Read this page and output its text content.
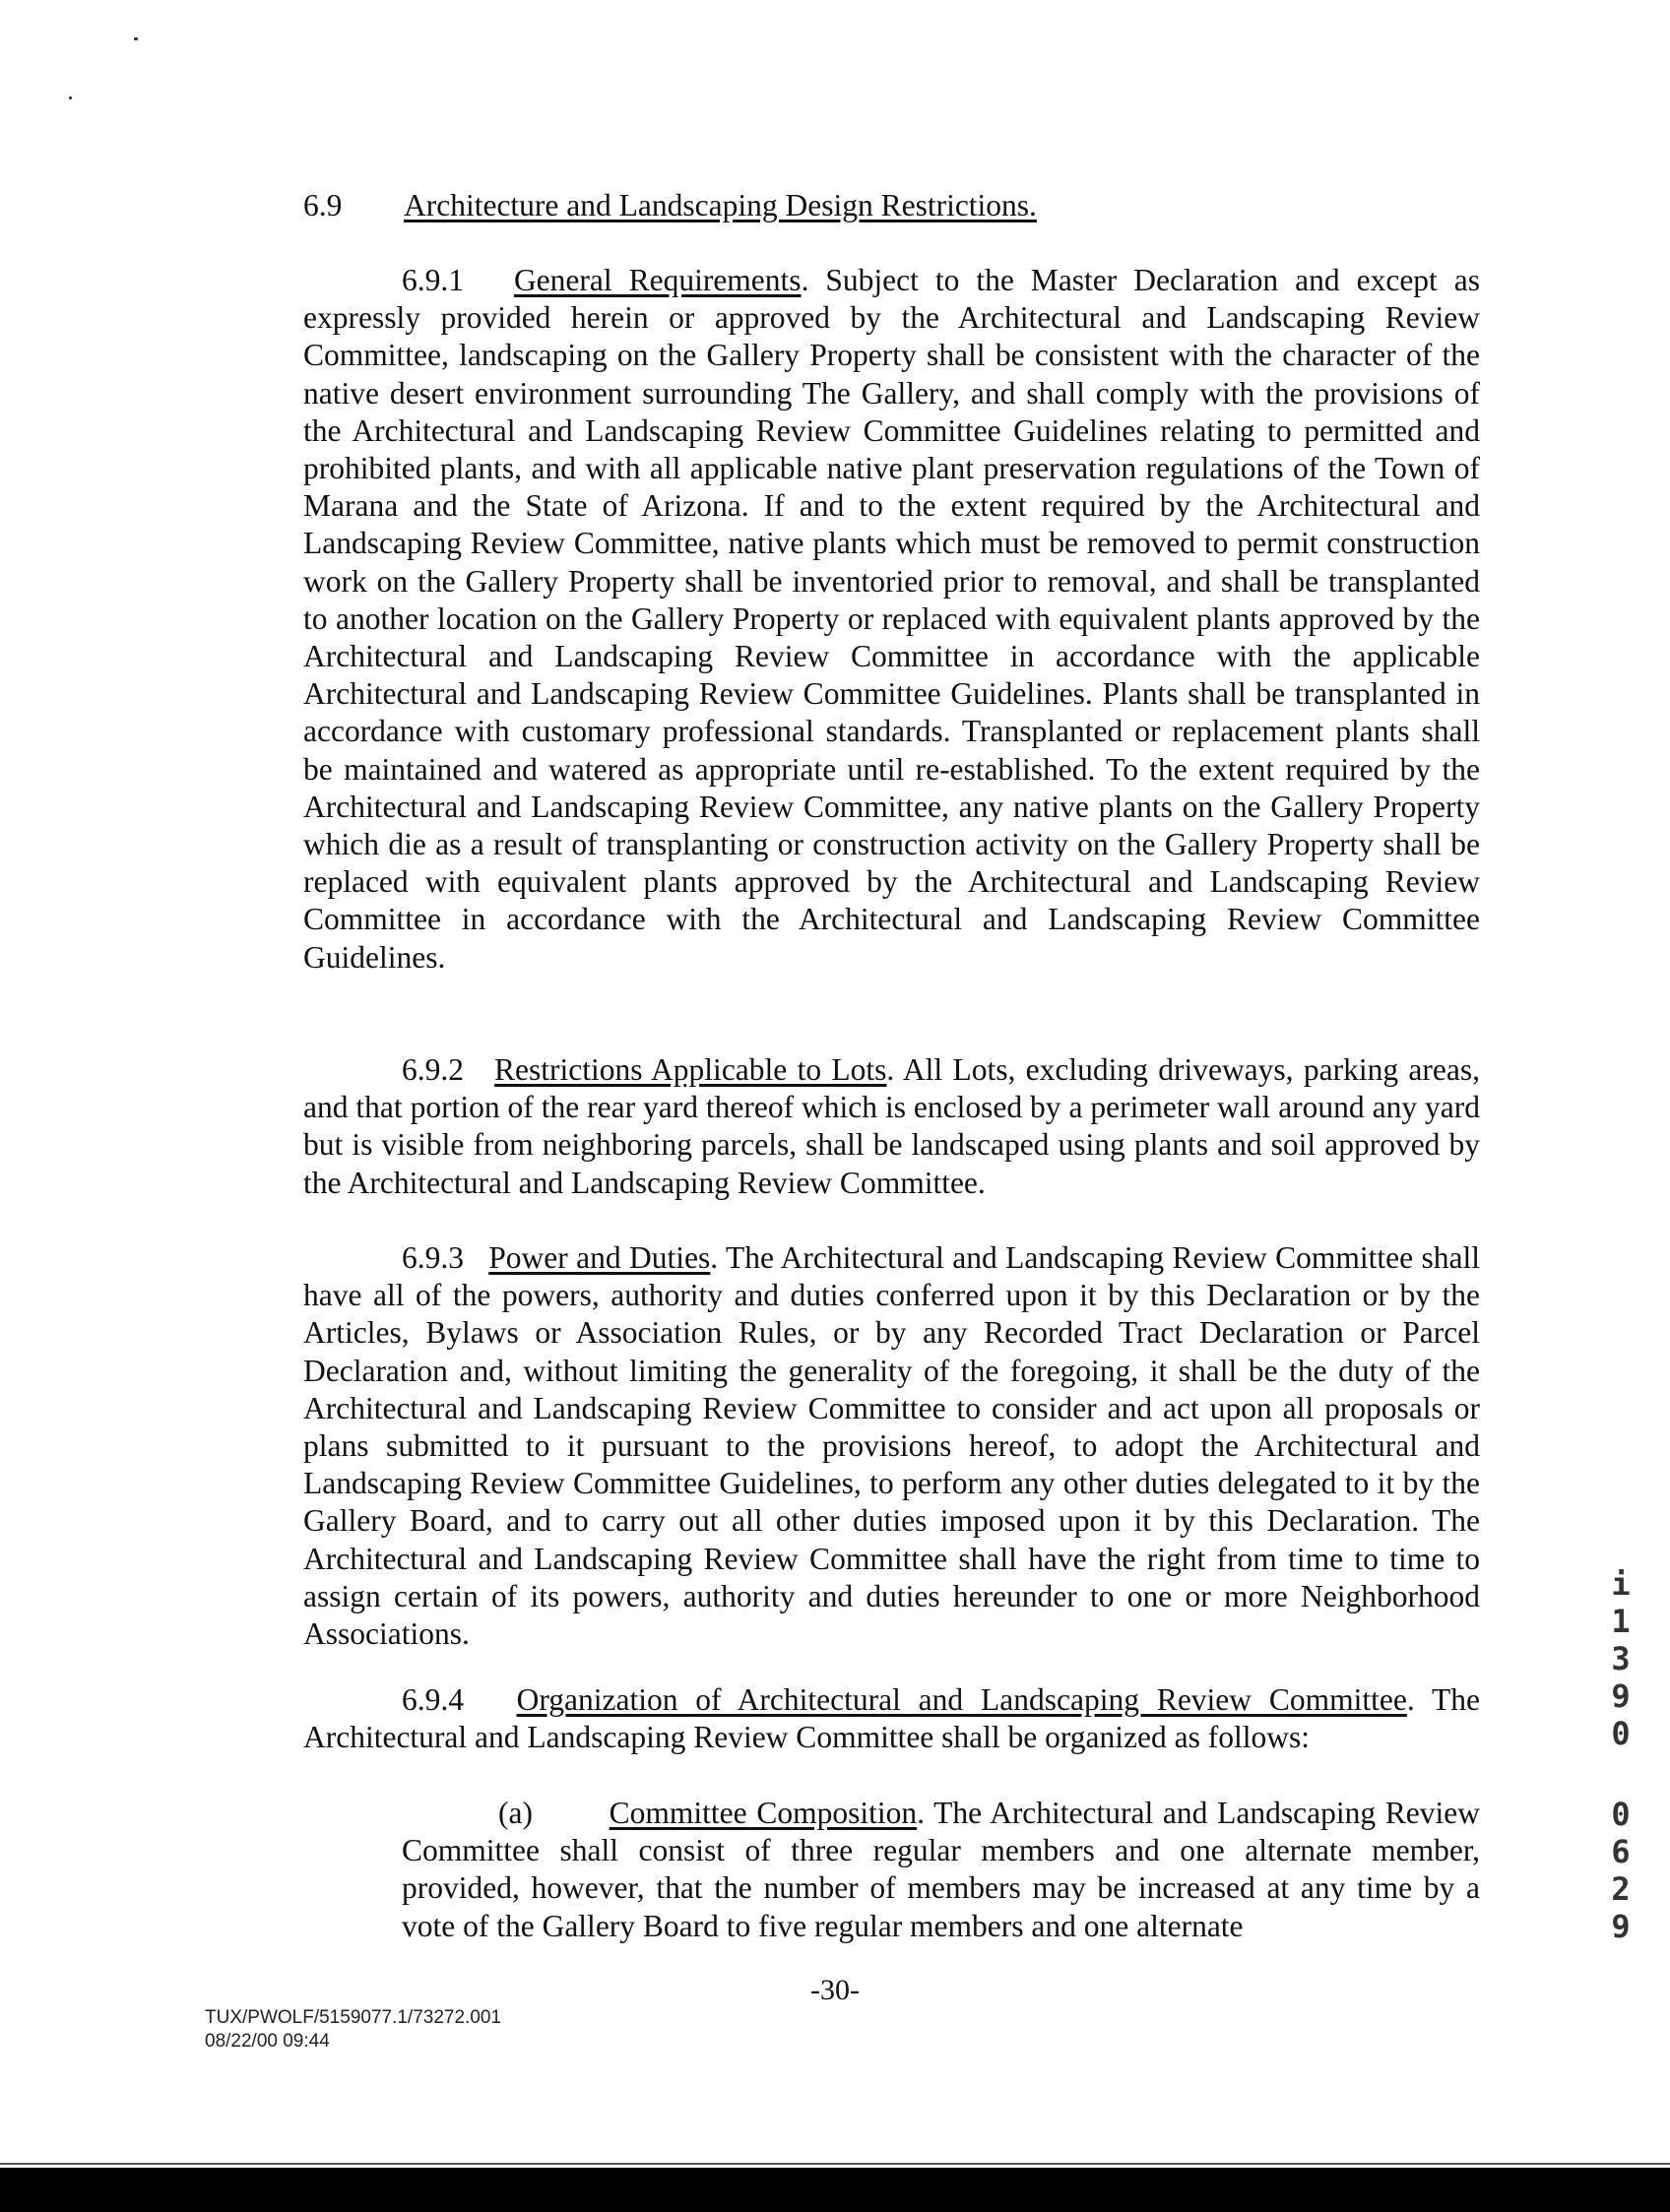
6.9 Architecture and Landscaping Design Restrictions.
6.9.1 General Requirements. Subject to the Master Declaration and except as expressly provided herein or approved by the Architectural and Landscaping Review Committee, landscaping on the Gallery Property shall be consistent with the character of the native desert environment surrounding The Gallery, and shall comply with the provisions of the Architectural and Landscaping Review Committee Guidelines relating to permitted and prohibited plants, and with all applicable native plant preservation regulations of the Town of Marana and the State of Arizona. If and to the extent required by the Architectural and Landscaping Review Committee, native plants which must be removed to permit construction work on the Gallery Property shall be inventoried prior to removal, and shall be transplanted to another location on the Gallery Property or replaced with equivalent plants approved by the Architectural and Landscaping Review Committee in accordance with the applicable Architectural and Landscaping Review Committee Guidelines. Plants shall be transplanted in accordance with customary professional standards. Transplanted or replacement plants shall be maintained and watered as appropriate until re-established. To the extent required by the Architectural and Landscaping Review Committee, any native plants on the Gallery Property which die as a result of transplanting or construction activity on the Gallery Property shall be replaced with equivalent plants approved by the Architectural and Landscaping Review Committee in accordance with the Architectural and Landscaping Review Committee Guidelines.
6.9.2 Restrictions Applicable to Lots. All Lots, excluding driveways, parking areas, and that portion of the rear yard thereof which is enclosed by a perimeter wall around any yard but is visible from neighboring parcels, shall be landscaped using plants and soil approved by the Architectural and Landscaping Review Committee.
6.9.3 Power and Duties. The Architectural and Landscaping Review Committee shall have all of the powers, authority and duties conferred upon it by this Declaration or by the Articles, Bylaws or Association Rules, or by any Recorded Tract Declaration or Parcel Declaration and, without limiting the generality of the foregoing, it shall be the duty of the Architectural and Landscaping Review Committee to consider and act upon all proposals or plans submitted to it pursuant to the provisions hereof, to adopt the Architectural and Landscaping Review Committee Guidelines, to perform any other duties delegated to it by the Gallery Board, and to carry out all other duties imposed upon it by this Declaration. The Architectural and Landscaping Review Committee shall have the right from time to time to assign certain of its powers, authority and duties hereunder to one or more Neighborhood Associations.
6.9.4 Organization of Architectural and Landscaping Review Committee. The Architectural and Landscaping Review Committee shall be organized as follows:
(a) Committee Composition. The Architectural and Landscaping Review Committee shall consist of three regular members and one alternate member, provided, however, that the number of members may be increased at any time by a vote of the Gallery Board to five regular members and one alternate
-30-
TUX/PWOLF/5159077.1/73272.001
08/22/00 09:44
i
1
3
9
0
0
6
2
9
